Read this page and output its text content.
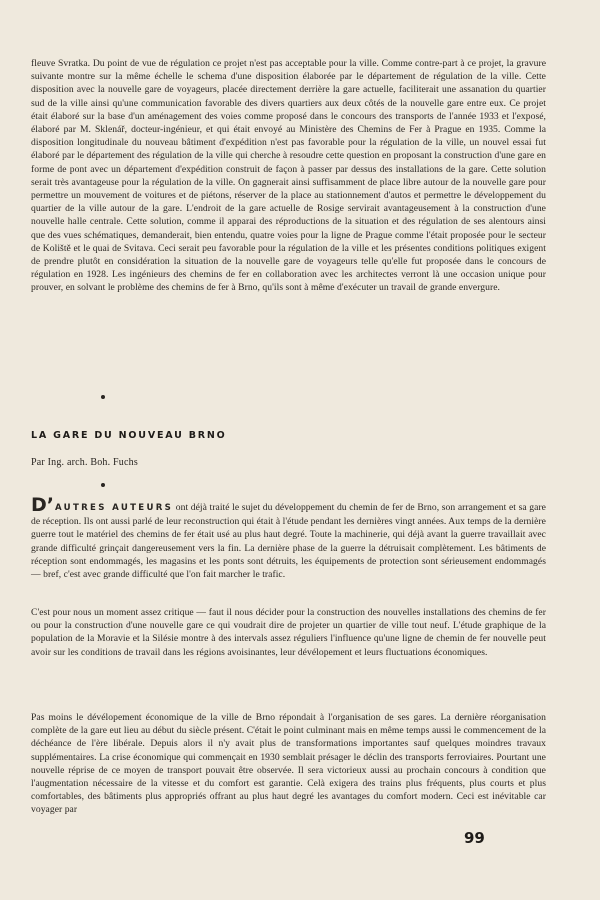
fleuve Svratka. Du point de vue de régulation ce projet n'est pas acceptable pour la ville. Comme contre-part à ce projet, la gravure suivante montre sur la même échelle le schema d'une disposition élaborée par le département de régulation de la ville. Cette disposition avec la nouvelle gare de voyageurs, placée directement derrière la gare actuelle, faciliterait une assanation du quartier sud de la ville ainsi qu'une communication favorable des divers quartiers aux deux côtés de la nouvelle gare entre eux. Ce projet était élaboré sur la base d'un aménagement des voies comme proposé dans le concours des transports de l'année 1933 et l'exposé, élaboré par M. Sklenář, docteur-ingénieur, et qui était envoyé au Ministère des Chemins de Fer à Prague en 1935. Comme la disposition longitudinale du nouveau bâtiment d'expédition n'est pas favorable pour la régulation de la ville, un nouvel essai fut élaboré par le département des régulation de la ville qui cherche à resoudre cette question en proposant la construction d'une gare en forme de pont avec un département d'expédition construit de façon à passer par dessus des installations de la gare. Cette solution serait très avantageuse pour la régulation de la ville. On gagnerait ainsi suffisamment de place libre autour de la nouvelle gare pour permettre un mouvement de voitures et de piétons, réserver de la place au stationnement d'autos et permettre le développement du quartier de la ville autour de la gare. L'endroit de la gare actuelle de Rosige servirait avantageusement à la construction d'une nouvelle halle centrale. Cette solution, comme il apparai des réproductions de la situation et des régulation de ses alentours ainsi que des vues schématiques, demanderait, bien entendu, quatre voies pour la ligne de Prague comme l'était proposée pour le secteur de Koliště et le quai de Svitava. Ceci serait peu favorable pour la régulation de la ville et les présentes conditions politiques exigent de prendre plutôt en considération la situation de la nouvelle gare de voyageurs telle qu'elle fut proposée dans le concours de régulation en 1928. Les ingénieurs des chemins de fer en collaboration avec les architectes verront là une occasion unique pour prouver, en solvant le problème des chemins de fer à Brno, qu'ils sont à même d'exécuter un travail de grande envergure.

LA GARE DU NOUVEAU BRNO

Par Ing. arch. Boh. Fuchs

D’AUTRES AUTEURS ont déjà traité le sujet du développement du chemin de fer de Brno, son arrangement et sa gare de réception. Ils ont aussi parlé de leur reconstruction qui était à l'étude pendant les dernières vingt années. Aux temps de la dernière guerre tout le matériel des chemins de fer était usé au plus haut degré. Toute la machinerie, qui déjà avant la guerre travaillait avec grande difficulté grinçait dangereusement vers la fin. La dernière phase de la guerre la détruisait complètement. Les bâtiments de réception sont endommagés, les magasins et les ponts sont détruits, les équipements de protection sont sérieusement endommagés — bref, c'est avec grande difficulté que l'on fait marcher le trafic.

C'est pour nous un moment assez critique — faut il nous décider pour la construction des nouvelles installations des chemins de fer ou pour la construction d'une nouvelle gare ce qui voudrait dire de projeter un quartier de ville tout neuf. L'étude graphique de la population de la Moravie et la Silésie montre à des intervals assez réguliers l'influence qu'une ligne de chemin de fer nouvelle peut avoir sur les conditions de travail dans les régions avoisinantes, leur dévélopement et leurs fluctuations économiques.

Pas moins le dévélopement économique de la ville de Brno répondait à l'organisation de ses gares. La dernière réorganisation complète de la gare eut lieu au début du siècle présent. C'était le point culminant mais en même temps aussi le commencement de la déchéance de l'ère libérale. Depuis alors il n'y avait plus de transformations importantes sauf quelques moindres travaux supplémentaires. La crise économique qui commençait en 1930 semblait présager le déclin des transports ferroviaires. Pourtant une nouvelle réprise de ce moyen de transport pouvait être observée. Il sera victorieux aussi au prochain concours à condition que l'augmentation nécessaire de la vitesse et du comfort est garantie. Celà exigera des trains plus fréquents, plus courts et plus comfortables, des bâtiments plus appropriés offrant au plus haut degré les avantages du comfort modern. Ceci est inévitable car voyager par

99
